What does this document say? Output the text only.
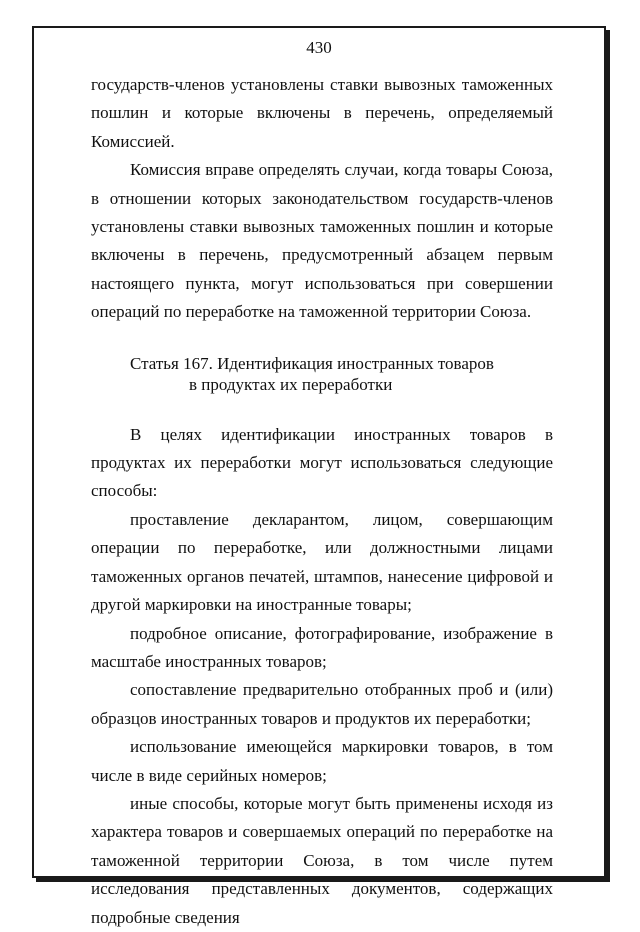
430

государств-членов установлены ставки вывозных таможенных пошлин и которые включены в перечень, определяемый Комиссией.

Комиссия вправе определять случаи, когда товары Союза, в отношении которых законодательством государств-членов установлены ставки вывозных таможенных пошлин и которые включены в перечень, предусмотренный абзацем первым настоящего пункта, могут использоваться при совершении операций по переработке на таможенной территории Союза.

Статья 167. Идентификация иностранных товаров
в продуктах их переработки

В целях идентификации иностранных товаров в продуктах их переработки могут использоваться следующие способы:

проставление декларантом, лицом, совершающим операции по переработке, или должностными лицами таможенных органов печатей, штампов, нанесение цифровой и другой маркировки на иностранные товары;

подробное описание, фотографирование, изображение в масштабе иностранных товаров;

сопоставление предварительно отобранных проб и (или) образцов иностранных товаров и продуктов их переработки;

использование имеющейся маркировки товаров, в том числе в виде серийных номеров;

иные способы, которые могут быть применены исходя из характера товаров и совершаемых операций по переработке на таможенной территории Союза, в том числе путем исследования представленных документов, содержащих подробные сведения
